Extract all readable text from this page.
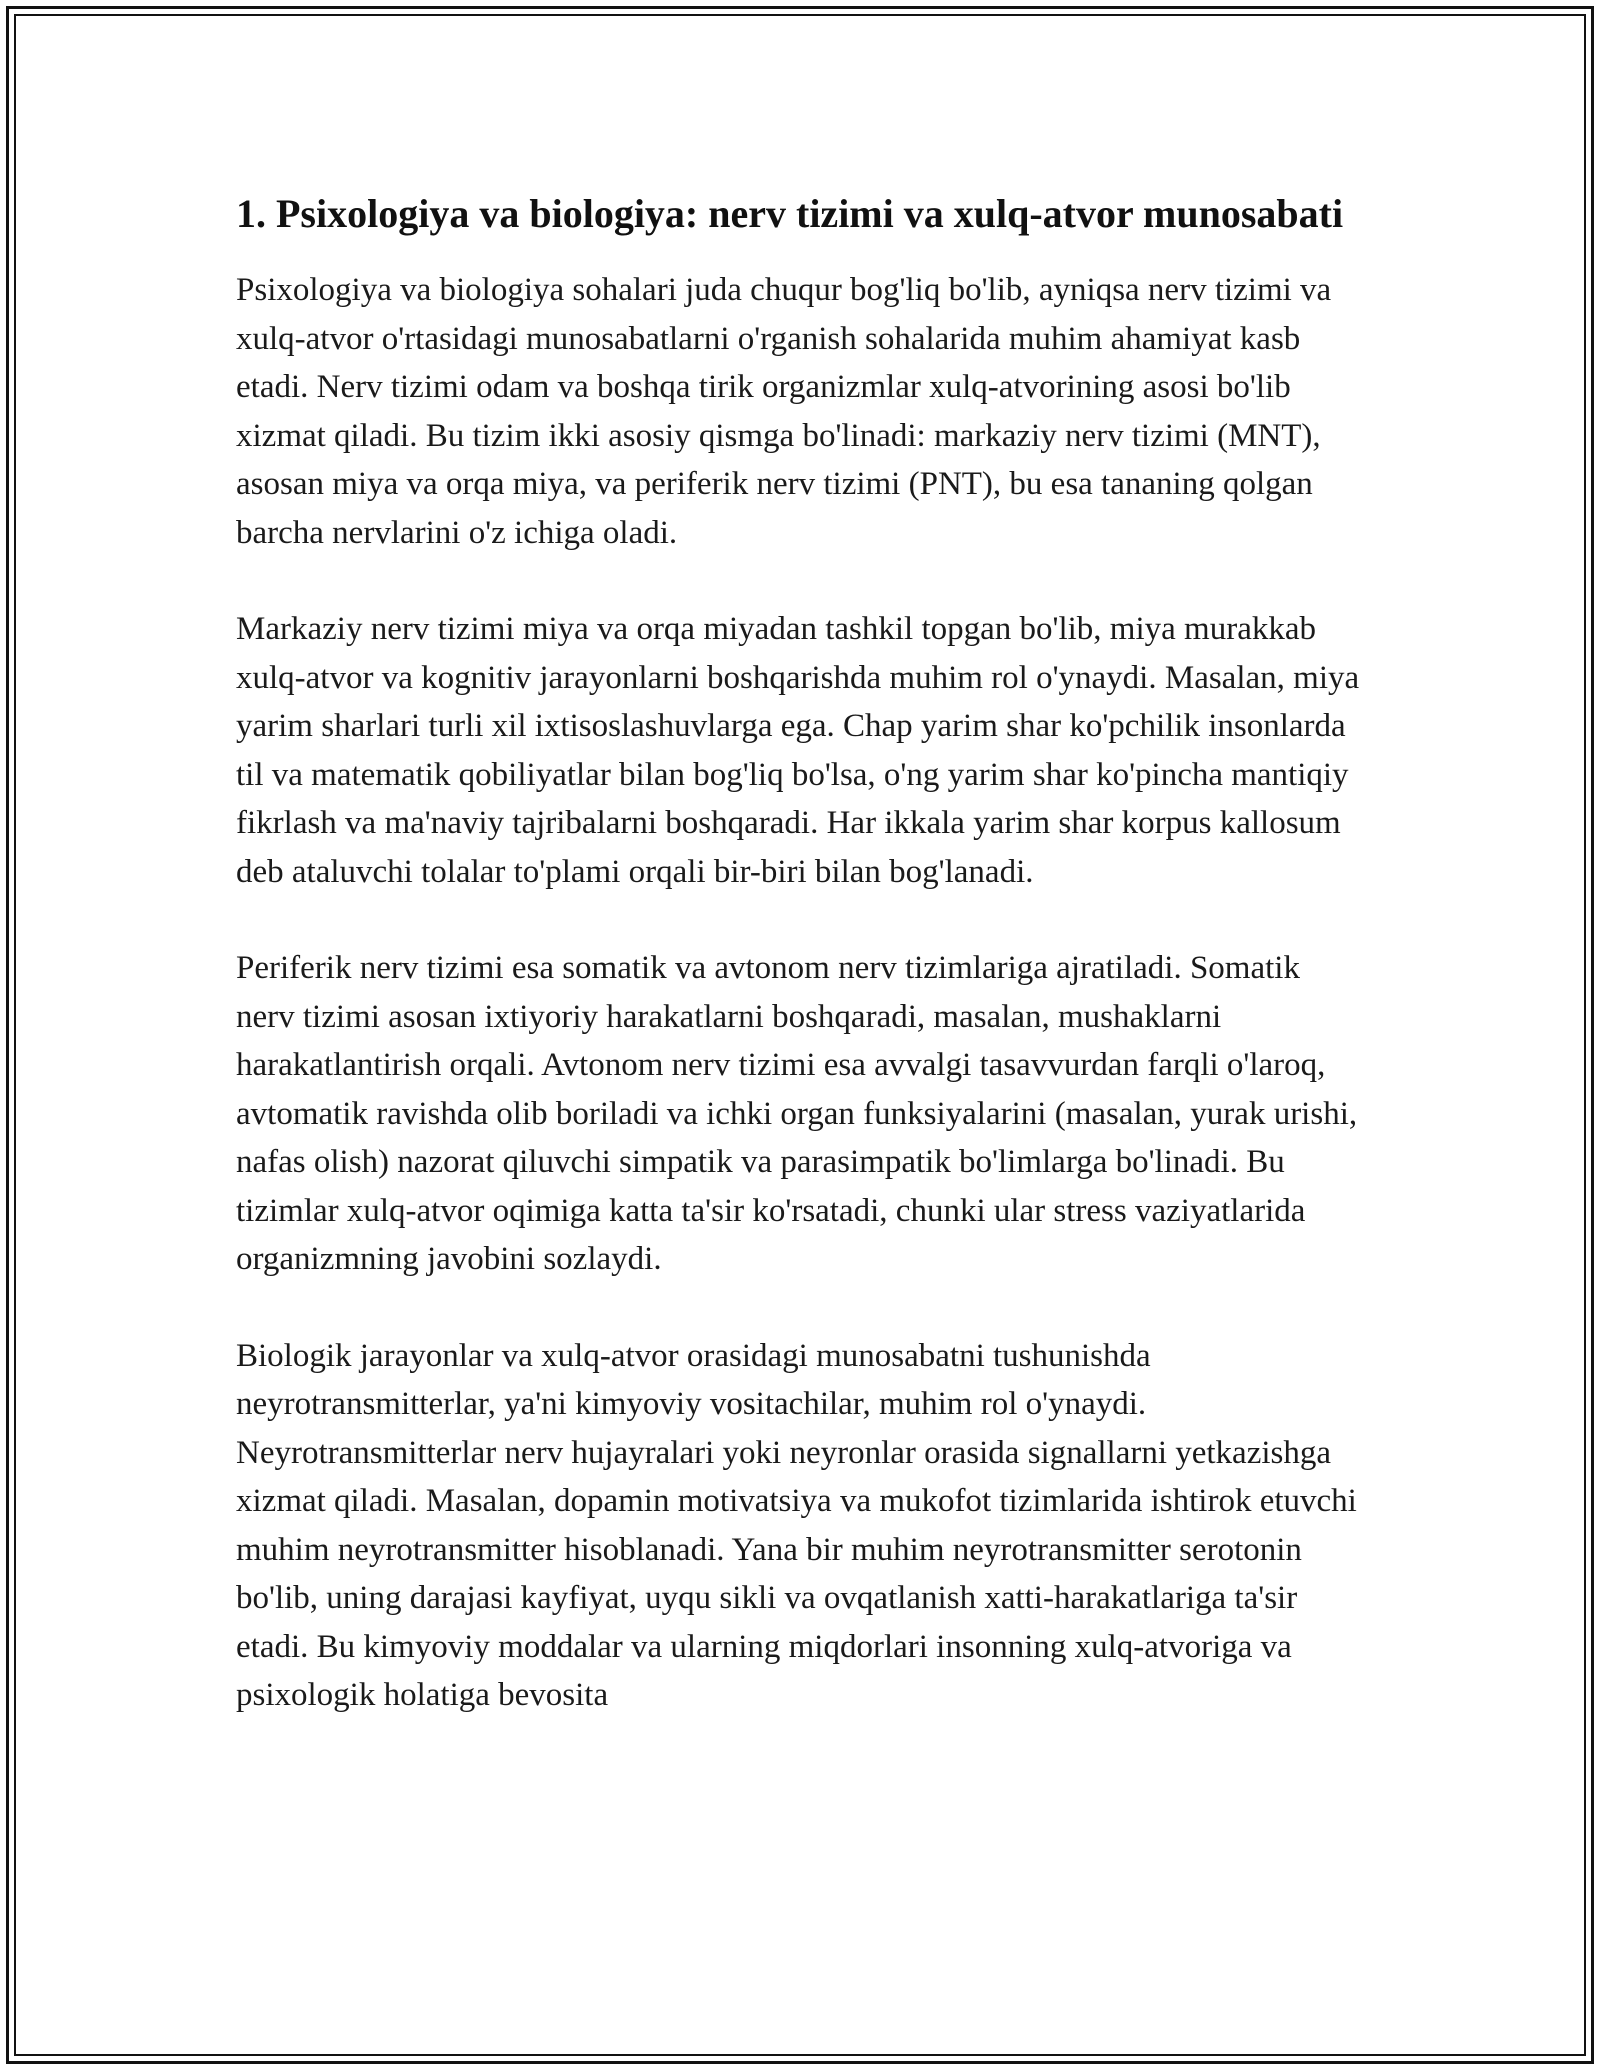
1. Psixologiya va biologiya: nerv tizimi va xulq-atvor munosabati

Psixologiya va biologiya sohalari juda chuqur bog'liq bo'lib, ayniqsa nerv tizimi va xulq-atvor o'rtasidagi munosabatlarni o'rganish sohalarida muhim ahamiyat kasb etadi. Nerv tizimi odam va boshqa tirik organizmlar xulq-atvorining asosi bo'lib xizmat qiladi. Bu tizim ikki asosiy qismga bo'linadi: markaziy nerv tizimi (MNT), asosan miya va orqa miya, va periferik nerv tizimi (PNT), bu esa tananing qolgan barcha nervlarini o'z ichiga oladi.

Markaziy nerv tizimi miya va orqa miyadan tashkil topgan bo'lib, miya murakkab xulq-atvor va kognitiv jarayonlarni boshqarishda muhim rol o'ynaydi. Masalan, miya yarim sharlari turli xil ixtisoslashuvlarga ega. Chap yarim shar ko'pchilik insonlarda til va matematik qobiliyatlar bilan bog'liq bo'lsa, o'ng yarim shar ko'pincha mantiqiy fikrlash va ma'naviy tajribalarni boshqaradi. Har ikkala yarim shar korpus kallosum deb ataluvchi tolalar to'plami orqali bir-biri bilan bog'lanadi.

Periferik nerv tizimi esa somatik va avtonom nerv tizimlariga ajratiladi. Somatik nerv tizimi asosan ixtiyoriy harakatlarni boshqaradi, masalan, mushaklarni harakatlantirish orqali. Avtonom nerv tizimi esa avvalgi tasavvurdan farqli o'laroq, avtomatik ravishda olib boriladi va ichki organ funksiyalarini (masalan, yurak urishi, nafas olish) nazorat qiluvchi simpatik va parasimpatik bo'limlarga bo'linadi. Bu tizimlar xulq-atvor oqimiga katta ta'sir ko'rsatadi, chunki ular stress vaziyatlarida organizmning javobini sozlaydi.

Biologik jarayonlar va xulq-atvor orasidagi munosabatni tushunishda neyrotransmitterlar, ya'ni kimyoviy vositachilar, muhim rol o'ynaydi. Neyrotransmitterlar nerv hujayralari yoki neyronlar orasida signallarni yetkazishga xizmat qiladi. Masalan, dopamin motivatsiya va mukofot tizimlarida ishtirok etuvchi muhim neyrotransmitter hisoblanadi. Yana bir muhim neyrotransmitter serotonin bo'lib, uning darajasi kayfiyat, uyqu sikli va ovqatlanish xatti-harakatlariga ta'sir etadi. Bu kimyoviy moddalar va ularning miqdorlari insonning xulq-atvoriga va psixologik holatiga bevosita
